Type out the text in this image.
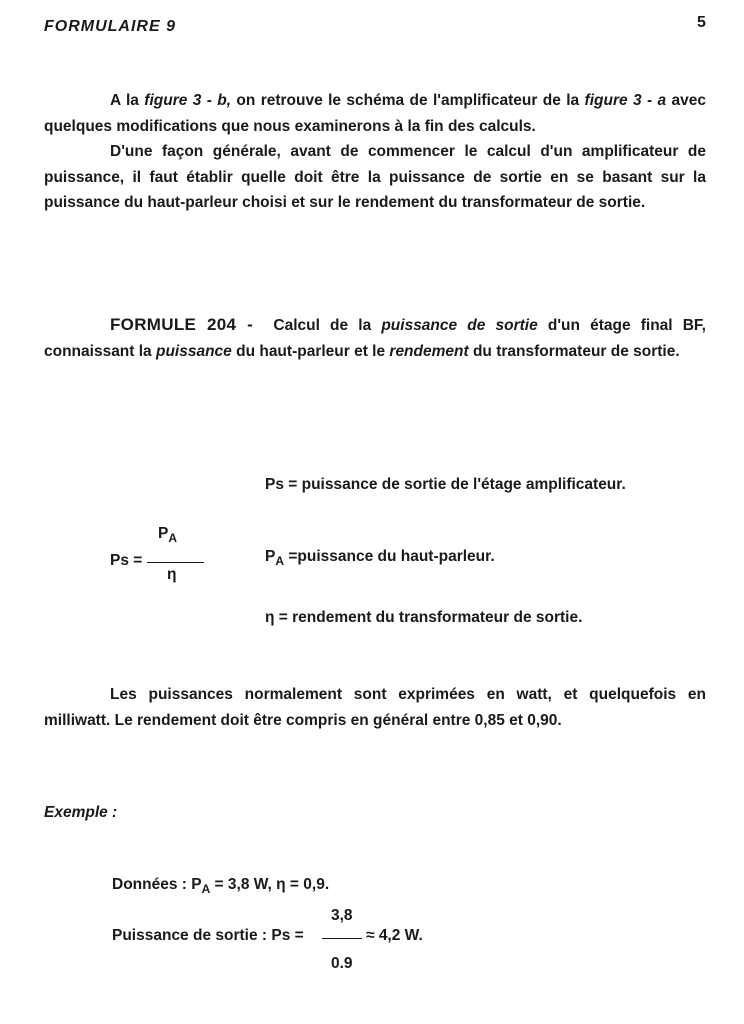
FORMULAIRE 9	5

A la figure 3 - b, on retrouve le schéma de l'amplificateur de la figure 3 - a avec quelques modifications que nous examinerons à la fin des calculs.
D'une façon générale, avant de commencer le calcul d'un amplificateur de puissance, il faut établir quelle doit être la puissance de sortie en se basant sur la puissance du haut-parleur choisi et sur le rendement du transformateur de sortie.

FORMULE 204 - Calcul de la puissance de sortie d'un étage final BF, connaissant la puissance du haut-parleur et le rendement du transformateur de sortie.

Ps = puissance de sortie de l'étage amplificateur.
$P_A$ =puissance du haut-parleur.
η = rendement du transformateur de sortie.
Ps =
$P_A$
η

Les puissances normalement sont exprimées en watt, et quelquefois en milliwatt. Le rendement doit être compris en général entre 0,85 et 0,90.

Exemple :
Données : $P_A = 3,8$ W, η = 0,9.
Puissance de sortie : Ps =
3,8
0.9
≈ 4,2 W.
